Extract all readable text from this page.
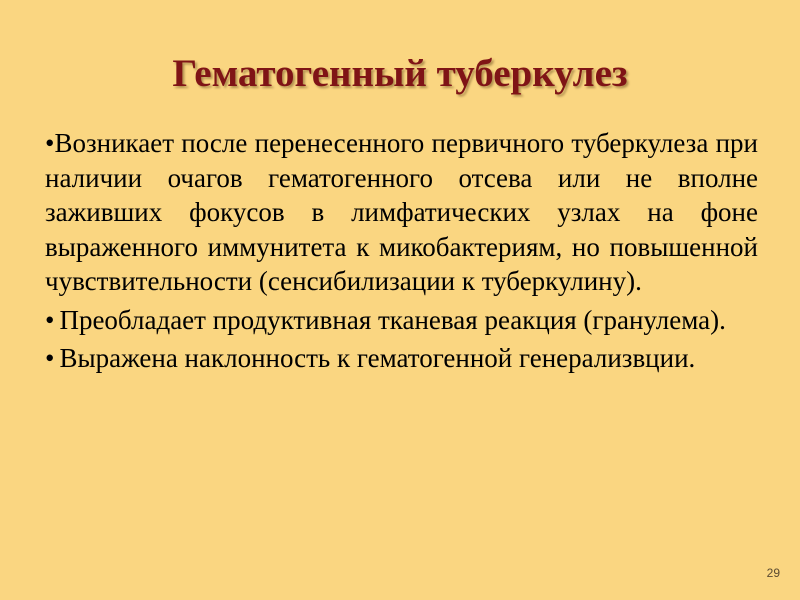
Гематогенный туберкулез

•Возникает после перенесенного первичного туберкулеза при наличии очагов гематогенного отсева или не вполне заживших фокусов в лимфатических узлах на фоне выраженного иммунитета к микобактериям, но повышенной чувствительности (сенсибилизации к туберкулину).

• Преобладает продуктивная тканевая реакция (гранулема).

• Выражена наклонность к гематогенной генерализвции.

29
